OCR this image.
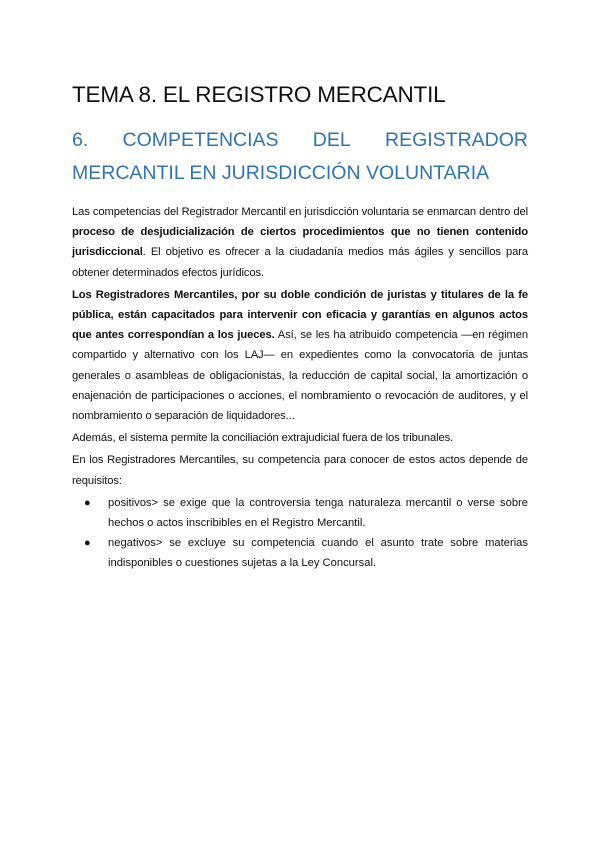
TEMA 8. EL REGISTRO MERCANTIL
6. COMPETENCIAS DEL REGISTRADOR
MERCANTIL EN JURISDICCIÓN VOLUNTARIA

Las competencias del Registrador Mercantil en jurisdicción voluntaria se enmarcan dentro del proceso de desjudicialización de ciertos procedimientos que no tienen contenido jurisdiccional. El objetivo es ofrecer a la ciudadanía medios más ágiles y sencillos para obtener determinados efectos jurídicos.

Los Registradores Mercantiles, por su doble condición de juristas y titulares de la fe pública, están capacitados para intervenir con eficacia y garantías en algunos actos que antes correspondían a los jueces. Así, se les ha atribuido competencia —en régimen compartido y alternativo con los LAJ— en expedientes como la convocatoria de juntas generales o asambleas de obligacionistas, la reducción de capital social, la amortización o enajenación de participaciones o acciones, el nombramiento o revocación de auditores, y el nombramiento o separación de liquidadores...

Además, el sistema permite la conciliación extrajudicial fuera de los tribunales.

En los Registradores Mercantiles, su competencia para conocer de estos actos depende de requisitos:

● positivos> se exige que la controversia tenga naturaleza mercantil o verse sobre hechos o actos inscribibles en el Registro Mercantil.
● negativos> se excluye su competencia cuando el asunto trate sobre materias indisponibles o cuestiones sujetas a la Ley Concursal.
